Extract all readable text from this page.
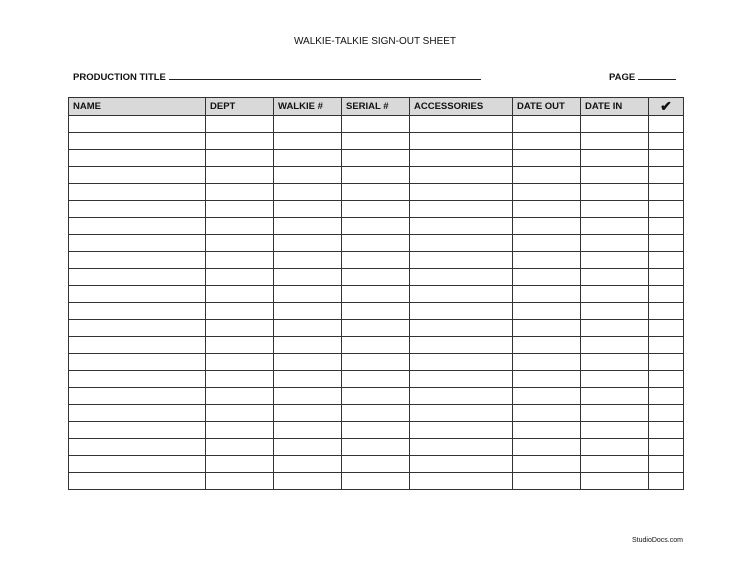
WALKIE-TALKIE SIGN-OUT SHEET
PRODUCTION TITLE	PAGE
NAME	DEPT	WALKIE #	SERIAL #	ACCESSORIES	DATE OUT	DATE IN	✔

StudioDocs.com
